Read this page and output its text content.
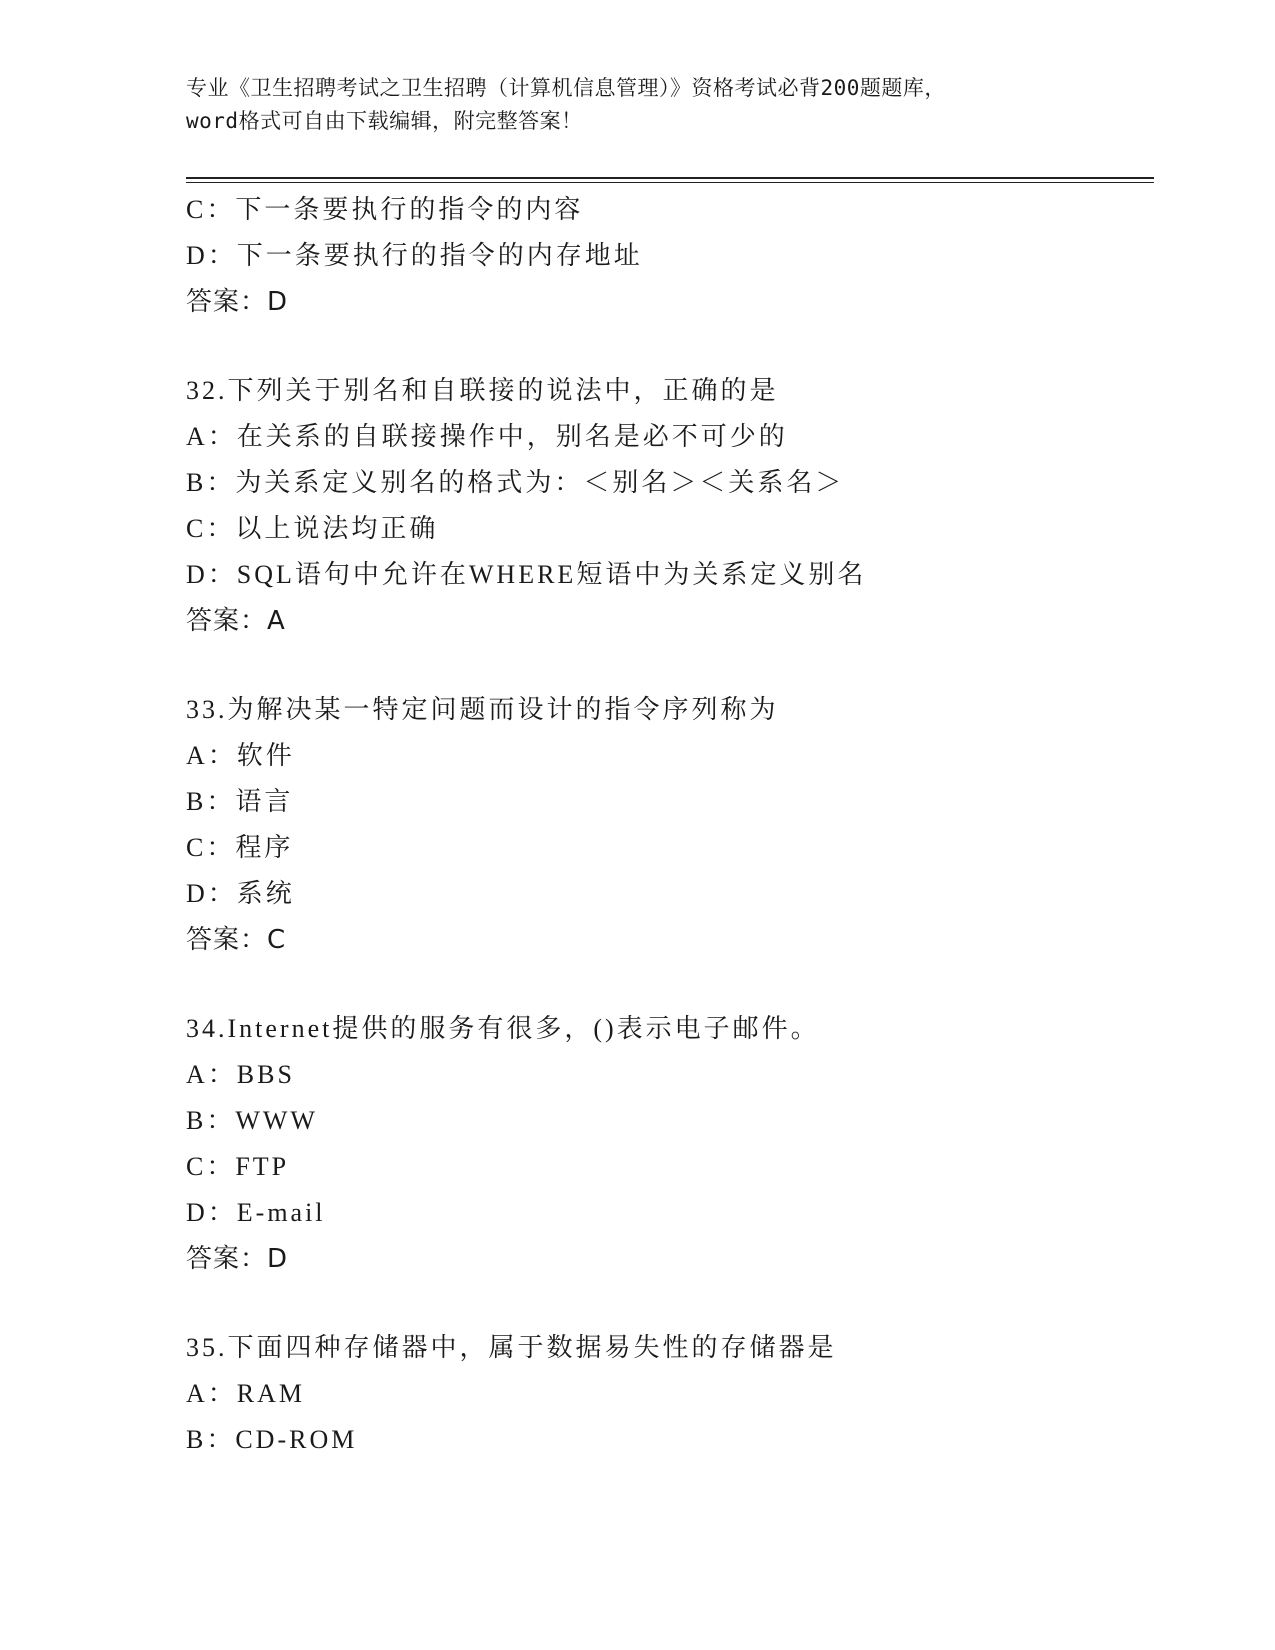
专业《卫生招聘考试之卫生招聘（计算机信息管理）》资格考试必背200题题库，
word格式可自由下载编辑，附完整答案！
C：下一条要执行的指令的内容
D：下一条要执行的指令的内存地址
答案：D
32.下列关于别名和自联接的说法中，正确的是
A：在关系的自联接操作中，别名是必不可少的
B：为关系定义别名的格式为：＜别名＞＜关系名＞
C：以上说法均正确
D：SQL语句中允许在WHERE短语中为关系定义别名
答案：A
33.为解决某一特定问题而设计的指令序列称为
A：软件
B：语言
C：程序
D：系统
答案：C
34.Internet提供的服务有很多，()表示电子邮件。
A：BBS
B：WWW
C：FTP
D：E-mail
答案：D
35.下面四种存储器中，属于数据易失性的存储器是
A：RAM
B：CD-ROM
